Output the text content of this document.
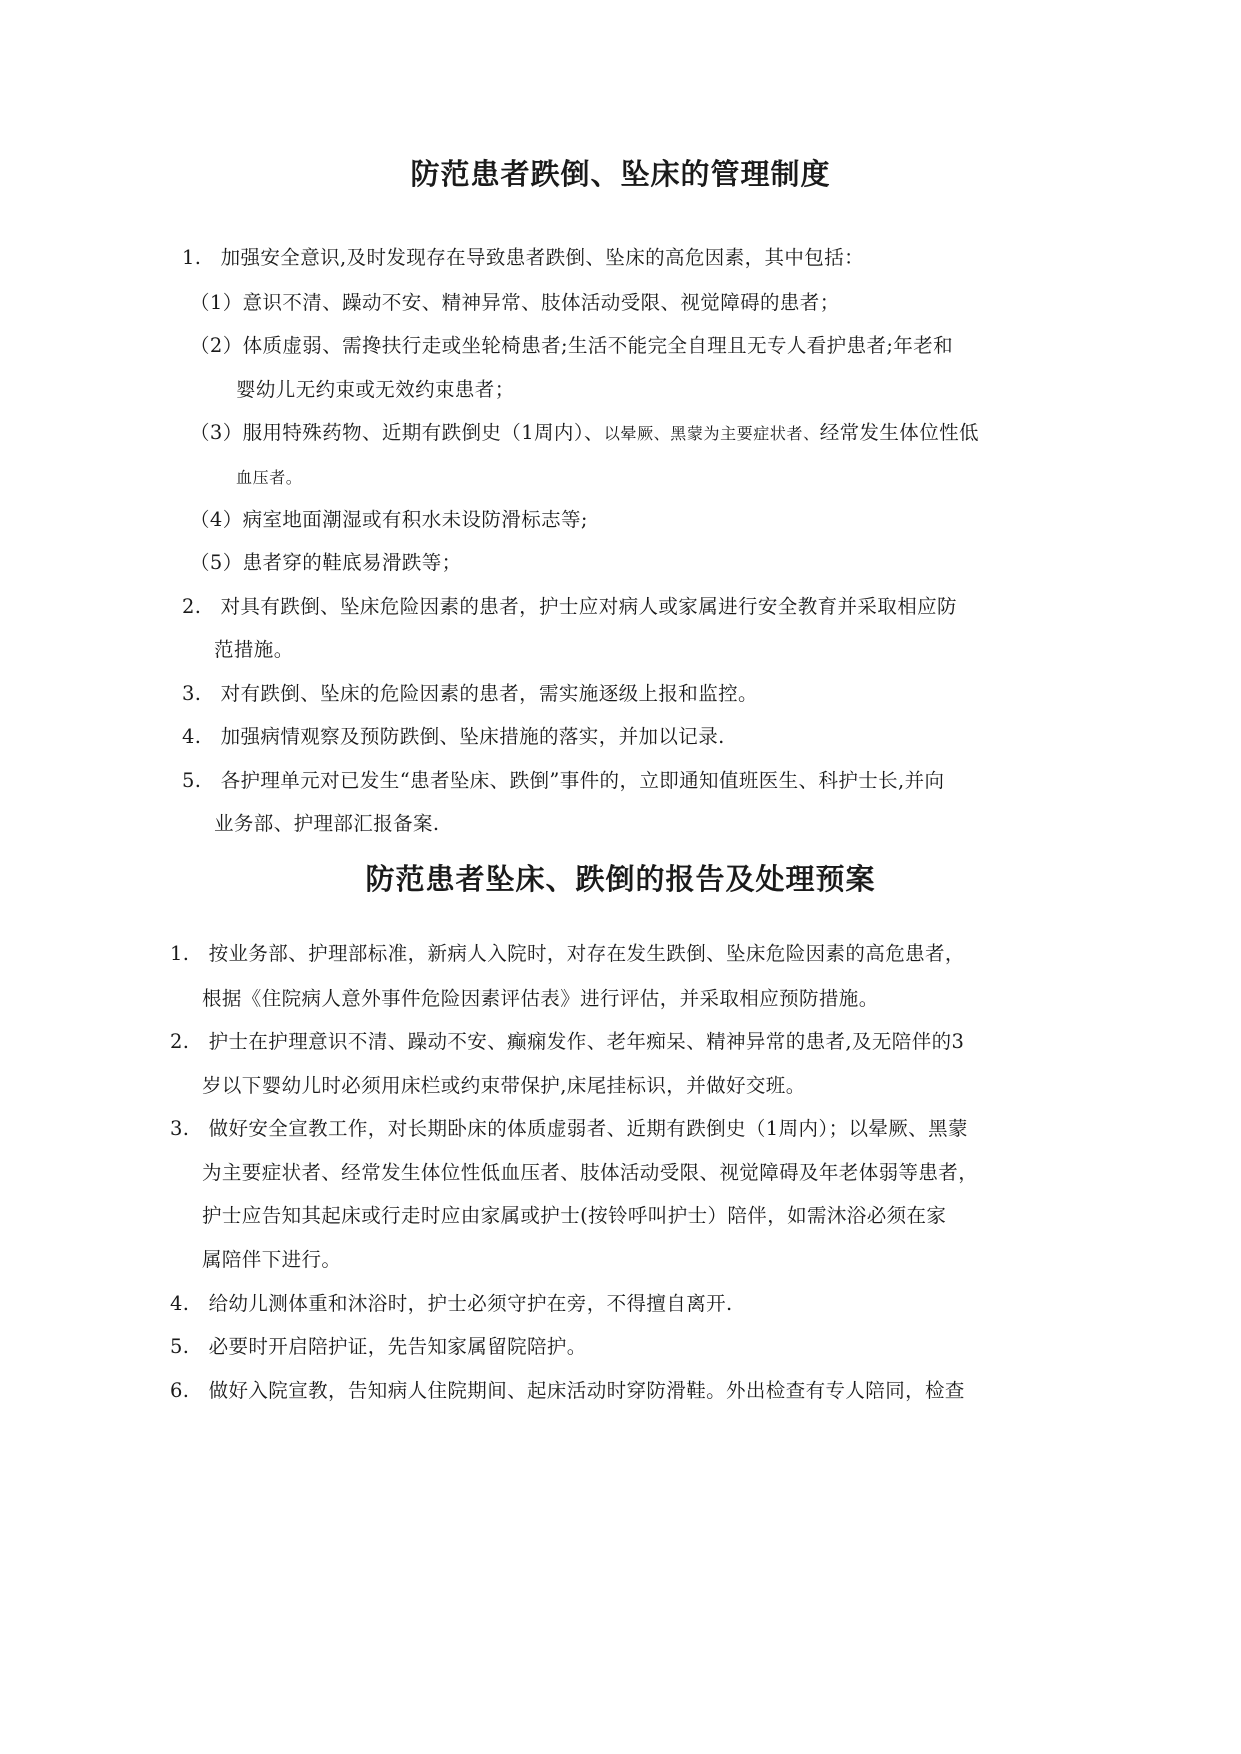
防范患者跌倒、坠床的管理制度
1. 加强安全意识,及时发现存在导致患者跌倒、坠床的高危因素，其中包括：
（1） 意识不清、躁动不安、精神异常、肢体活动受限、视觉障碍的患者；
（2） 体质虚弱、需搀扶行走或坐轮椅患者;生活不能完全自理且无专人看护患者;年老和
婴幼儿无约束或无效约束患者；
（3） 服用特殊药物、近期有跌倒史（1周内）、以晕厥、黑蒙为主要症状者、经常发生体位性低
血压者。
（4） 病室地面潮湿或有积水未设防滑标志等;
（5） 患者穿的鞋底易滑跌等；
2. 对具有跌倒、坠床危险因素的患者，护士应对病人或家属进行安全教育并采取相应防
范措施。
3. 对有跌倒、坠床的危险因素的患者，需实施逐级上报和监控。
4. 加强病情观察及预防跌倒、坠床措施的落实，并加以记录.
5. 各护理单元对已发生“患者坠床、跌倒”事件的，立即通知值班医生、科护士长,并向
业务部、护理部汇报备案.
防范患者坠床、跌倒的报告及处理预案
1. 按业务部、护理部标准，新病人入院时，对存在发生跌倒、坠床危险因素的高危患者，
根据《住院病人意外事件危险因素评估表》进行评估，并采取相应预防措施。
2. 护士在护理意识不清、躁动不安、癫痫发作、老年痴呆、精神异常的患者,及无陪伴的3
岁以下婴幼儿时必须用床栏或约束带保护,床尾挂标识，并做好交班。
3. 做好安全宣教工作，对长期卧床的体质虚弱者、近期有跌倒史（1周内）；以晕厥、黑蒙
为主要症状者、经常发生体位性低血压者、肢体活动受限、视觉障碍及年老体弱等患者，
护士应告知其起床或行走时应由家属或护士(按铃呼叫护士）陪伴，如需沐浴必须在家
属陪伴下进行。
4. 给幼儿测体重和沐浴时，护士必须守护在旁，不得擅自离开.
5. 必要时开启陪护证，先告知家属留院陪护。
6. 做好入院宣教，告知病人住院期间、起床活动时穿防滑鞋。外出检查有专人陪同，检查
